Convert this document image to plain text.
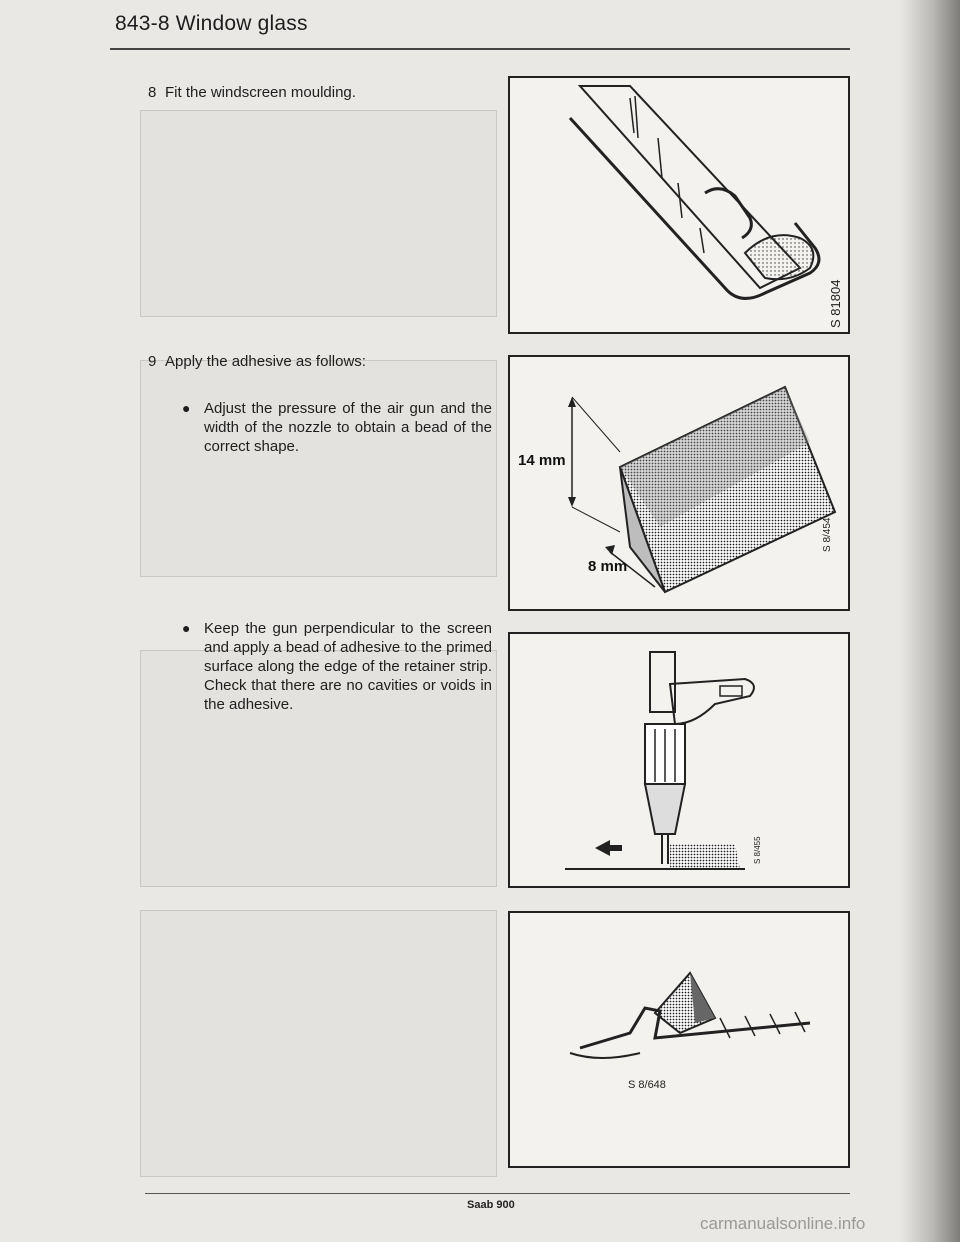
843-8 Window glass
8 Fit the windscreen moulding.
9 Apply the adhesive as follows:
● Adjust the pressure of the air gun and the width of the nozzle to obtain a bead of the correct shape.
● Keep the gun perpendicular to the screen and apply a bead of adhesive to the primed surface along the edge of the retainer strip. Check that there are no cavities or voids in the adhesive.
S 81804
14 mm
8 mm
S 8/454
S 8/455
S 8/648
Saab 900
carmanualsonline.info
